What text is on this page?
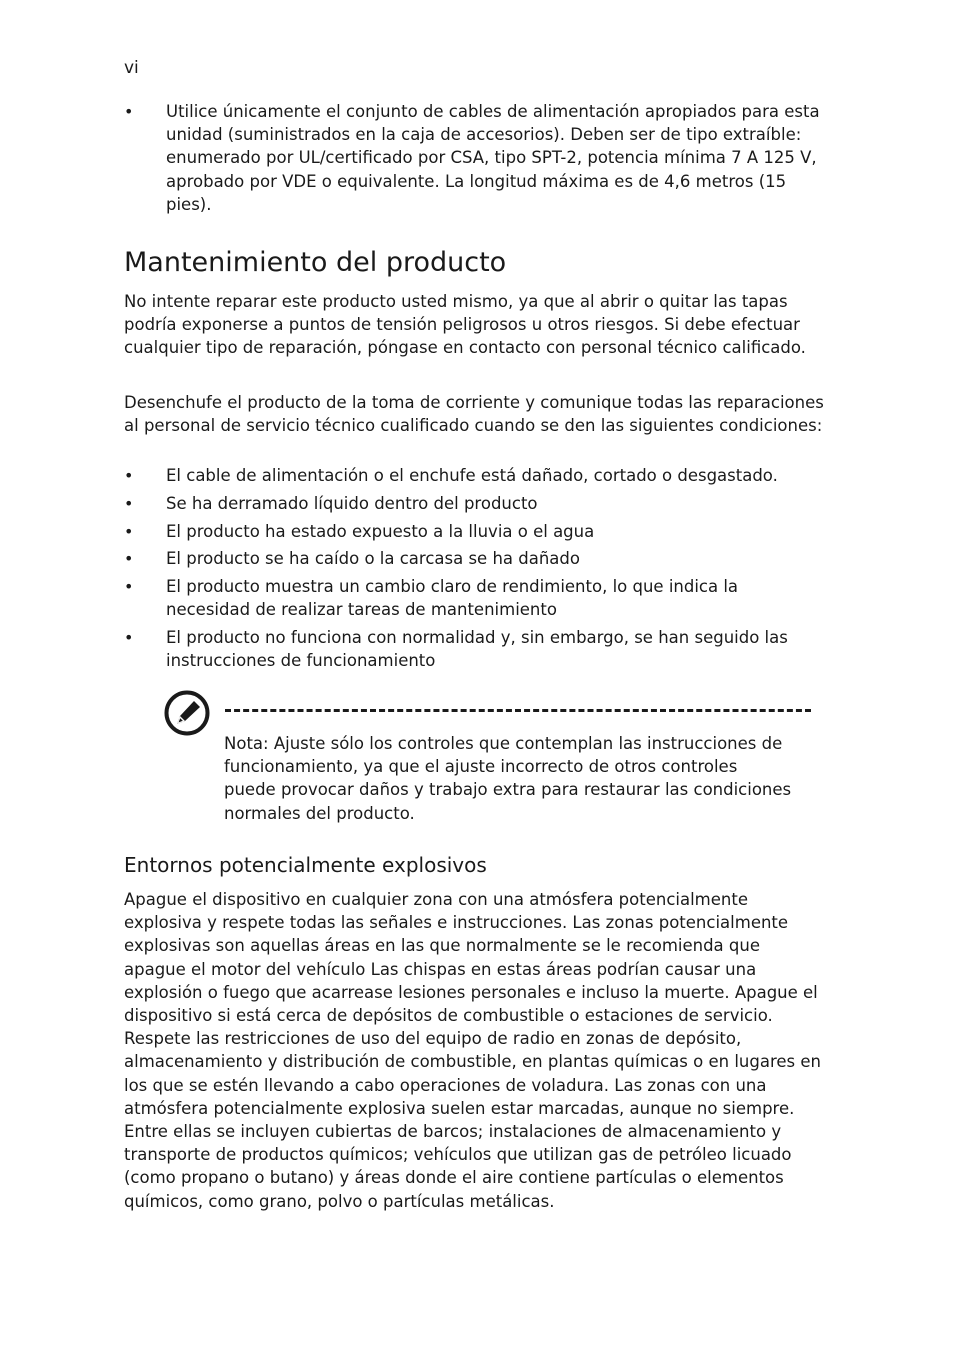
vi
• Utilice únicamente el conjunto de cables de alimentación apropiados para esta unidad (suministrados en la caja de accesorios). Deben ser de tipo extraíble: enumerado por UL/certificado por CSA, tipo SPT-2, potencia mínima 7 A 125 V, aprobado por VDE o equivalente. La longitud máxima es de 4,6 metros (15 pies).
Mantenimiento del producto

No intente reparar este producto usted mismo, ya que al abrir o quitar las tapas podría exponerse a puntos de tensión peligrosos u otros riesgos. Si debe efectuar cualquier tipo de reparación, póngase en contacto con personal técnico calificado.

Desenchufe el producto de la toma de corriente y comunique todas las reparaciones al personal de servicio técnico cualificado cuando se den las siguientes condiciones:

• El cable de alimentación o el enchufe está dañado, cortado o desgastado.
• Se ha derramado líquido dentro del producto
• El producto ha estado expuesto a la lluvia o el agua
• El producto se ha caído o la carcasa se ha dañado
• El producto muestra un cambio claro de rendimiento, lo que indica la necesidad de realizar tareas de mantenimiento
• El producto no funciona con normalidad y, sin embargo, se han seguido las instrucciones de funcionamiento

Nota: Ajuste sólo los controles que contemplan las instrucciones de funcionamiento, ya que el ajuste incorrecto de otros controles puede provocar daños y trabajo extra para restaurar las condiciones normales del producto.

Entornos potencialmente explosivos

Apague el dispositivo en cualquier zona con una atmósfera potencialmente explosiva y respete todas las señales e instrucciones. Las zonas potencialmente explosivas son aquellas áreas en las que normalmente se le recomienda que apague el motor del vehículo Las chispas en estas áreas podrían causar una explosión o fuego que acarrease lesiones personales e incluso la muerte. Apague el dispositivo si está cerca de depósitos de combustible o estaciones de servicio. Respete las restricciones de uso del equipo de radio en zonas de depósito, almacenamiento y distribución de combustible, en plantas químicas o en lugares en los que se estén llevando a cabo operaciones de voladura. Las zonas con una atmósfera potencialmente explosiva suelen estar marcadas, aunque no siempre. Entre ellas se incluyen cubiertas de barcos; instalaciones de almacenamiento y transporte de productos químicos; vehículos que utilizan gas de petróleo licuado (como propano o butano) y áreas donde el aire contiene partículas o elementos químicos, como grano, polvo o partículas metálicas.
